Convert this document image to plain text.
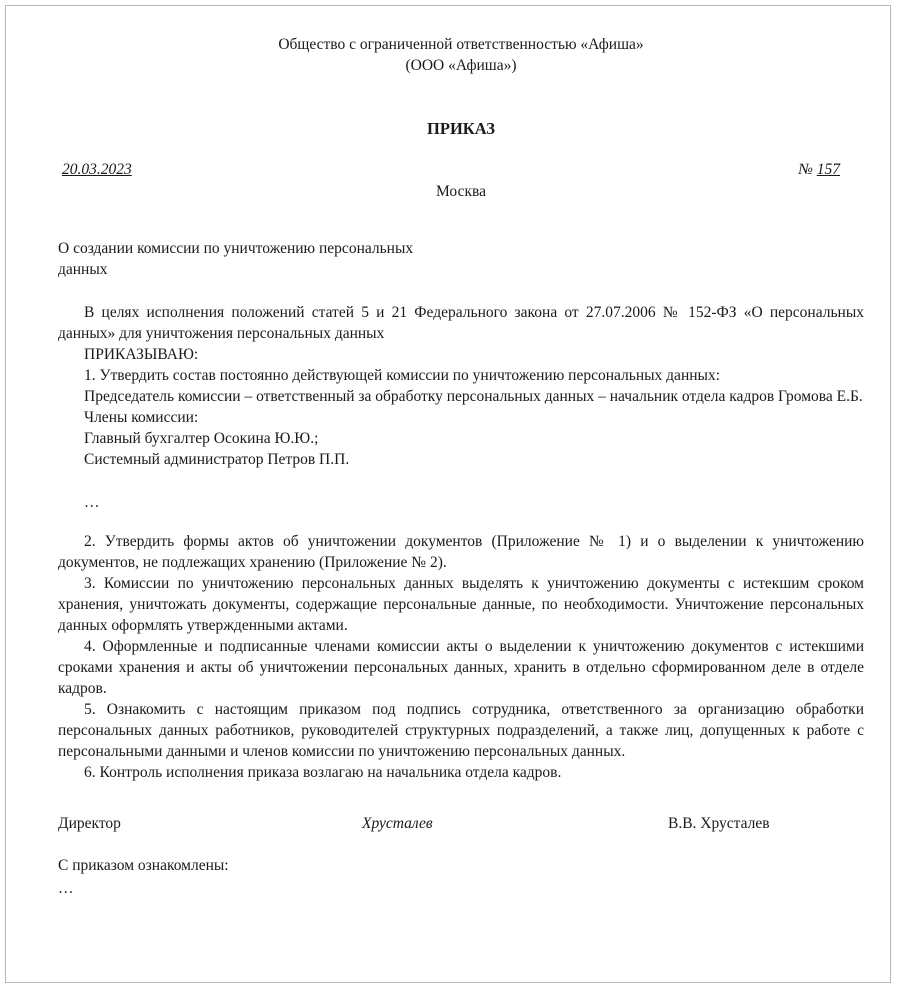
Общество с ограниченной ответственностью «Афиша»
(ООО «Афиша»)
ПРИКАЗ
20.03.2023	№ 157
Москва
О создании комиссии по уничтожению персональных данных

В целях исполнения положений статей 5 и 21 Федерального закона от 27.07.2006 № 152-ФЗ «О персональных данных» для уничтожения персональных данных

ПРИКАЗЫВАЮ:

1. Утвердить состав постоянно действующей комиссии по уничтожению персональных данных:

Председатель комиссии – ответственный за обработку персональных данных – начальник отдела кадров Громова Е.Б.

Члены комиссии:

Главный бухгалтер Осокина Ю.Ю.;

Системный администратор Петров П.П.

…

2. Утвердить формы актов об уничтожении документов (Приложение № 1) и о выделении к уничтожению документов, не подлежащих хранению (Приложение № 2).

3. Комиссии по уничтожению персональных данных выделять к уничтожению документы с истекшим сроком хранения, уничтожать документы, содержащие персональные данные, по необходимости. Уничтожение персональных данных оформлять утвержденными актами.

4. Оформленные и подписанные членами комиссии акты о выделении к уничтожению документов с истекшими сроками хранения и акты об уничтожении персональных данных, хранить в отдельно сформированном деле в отделе кадров.

5. Ознакомить с настоящим приказом под подпись сотрудника, ответственного за организацию обработки персональных данных работников, руководителей структурных подразделений, а также лиц, допущенных к работе с персональными данными и членов комиссии по уничтожению персональных данных.

6. Контроль исполнения приказа возлагаю на начальника отдела кадров.

Директор	Хрусталев	В.В. Хрусталев
С приказом ознакомлены:
…
